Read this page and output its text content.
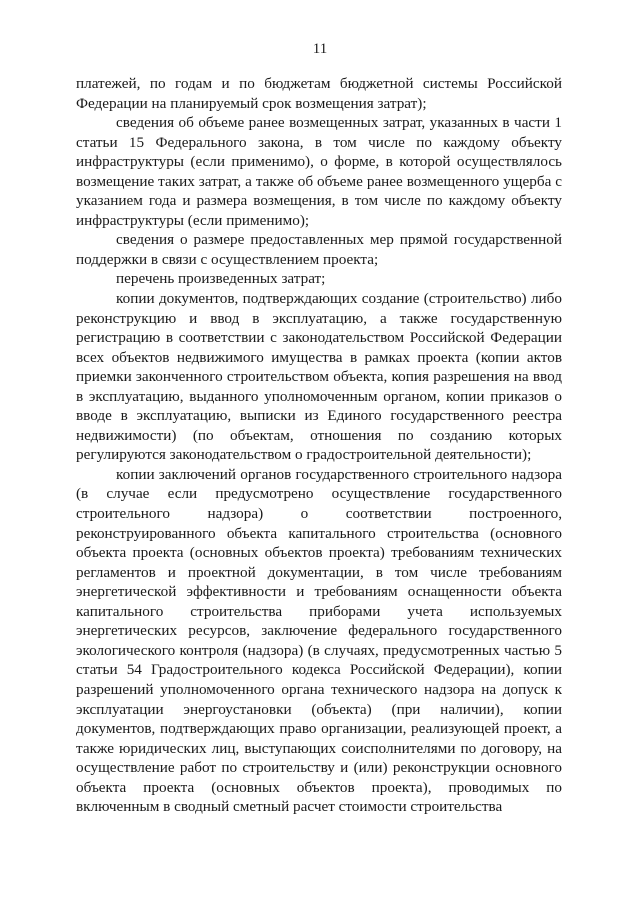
11

платежей, по годам и по бюджетам бюджетной системы Российской Федерации на планируемый срок возмещения затрат);

сведения об объеме ранее возмещенных затрат, указанных в части 1 статьи 15 Федерального закона, в том числе по каждому объекту инфраструктуры (если применимо), о форме, в которой осуществлялось возмещение таких затрат, а также об объеме ранее возмещенного ущерба с указанием года и размера возмещения, в том числе по каждому объекту инфраструктуры (если применимо);

сведения о размере предоставленных мер прямой государственной поддержки в связи с осуществлением проекта;

перечень произведенных затрат;

копии документов, подтверждающих создание (строительство) либо реконструкцию и ввод в эксплуатацию, а также государственную регистрацию в соответствии с законодательством Российской Федерации всех объектов недвижимого имущества в рамках проекта (копии актов приемки законченного строительством объекта, копия разрешения на ввод в эксплуатацию, выданного уполномоченным органом, копии приказов о вводе в эксплуатацию, выписки из Единого государственного реестра недвижимости) (по объектам, отношения по созданию которых регулируются законодательством о градостроительной деятельности);

копии заключений органов государственного строительного надзора (в случае если предусмотрено осуществление государственного строительного надзора) о соответствии построенного, реконструированного объекта капитального строительства (основного объекта проекта (основных объектов проекта) требованиям технических регламентов и проектной документации, в том числе требованиям энергетической эффективности и требованиям оснащенности объекта капитального строительства приборами учета используемых энергетических ресурсов, заключение федерального государственного экологического контроля (надзора) (в случаях, предусмотренных частью 5 статьи 54 Градостроительного кодекса Российской Федерации), копии разрешений уполномоченного органа технического надзора на допуск к эксплуатации энергоустановки (объекта) (при наличии), копии документов, подтверждающих право организации, реализующей проект, а также юридических лиц, выступающих соисполнителями по договору, на осуществление работ по строительству и (или) реконструкции основного объекта проекта (основных объектов проекта), проводимых по включенным в сводный сметный расчет стоимости строительства
